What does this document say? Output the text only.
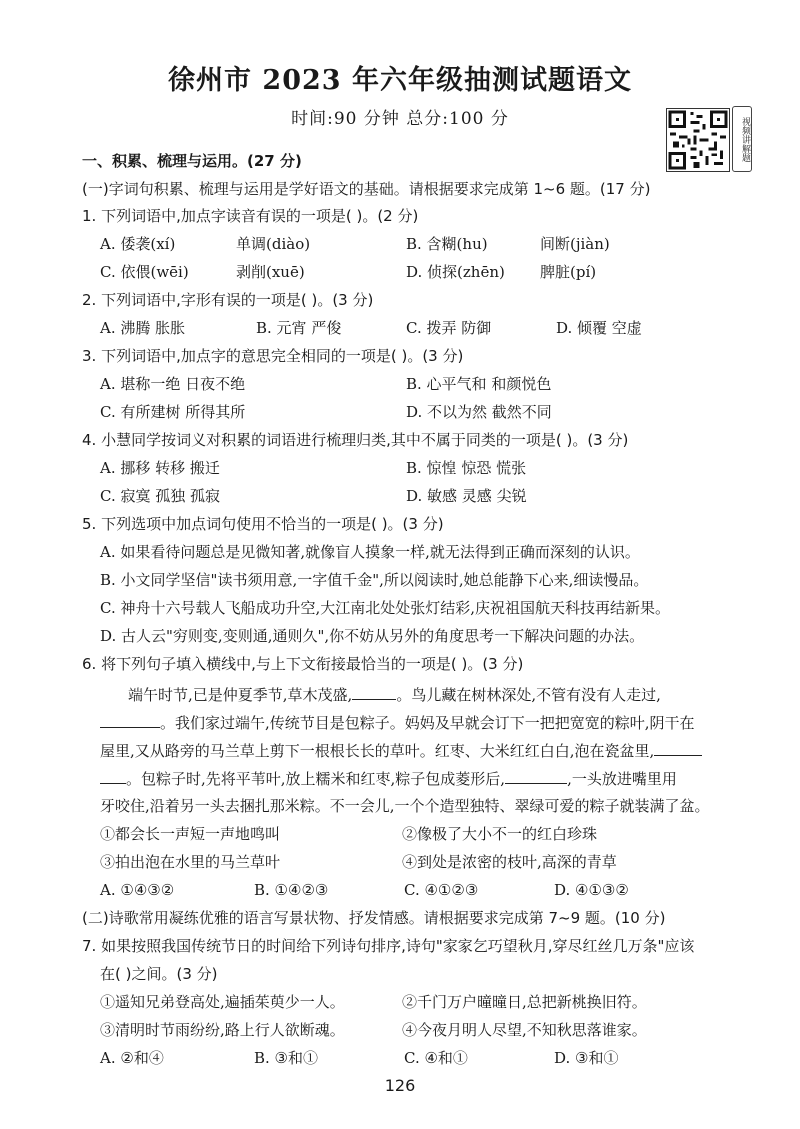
徐州市 2023 年六年级抽测试题语文
时间:90 分钟 总分:100 分	视频讲解题
一、积累、梳理与运用。(27 分)
(一)字词句积累、梳理与运用是学好语文的基础。请根据要求完成第 1~6 题。(17 分)
1. 下列词语中,加点字读音有误的一项是( )。(2 分)
A. 倭袭(xí)	单调(diào)	B. 含糊(hu)	间断(jiàn)
C. 依偎(wēi)	剥削(xuē)	D. 侦探(zhēn) 脾脏(pí)
2. 下列词语中,字形有误的一项是( )。(3 分)
A. 沸腾 胀胀	B. 元宵 严俊	C. 拨弄 防御	D. 倾覆 空虚
3. 下列词语中,加点字的意思完全相同的一项是( )。(3 分)
A. 堪称一绝 日夜不绝	B. 心平气和 和颜悦色
C. 有所建树 所得其所	D. 不以为然 截然不同
4. 小慧同学按词义对积累的词语进行梳理归类,其中不属于同类的一项是( )。(3 分)
A. 挪移 转移 搬迁	B. 惊惶 惊恐 慌张
C. 寂寞 孤独 孤寂	D. 敏感 灵感 尖锐
5. 下列选项中加点词句使用不恰当的一项是( )。(3 分)
A. 如果看待问题总是见微知著,就像盲人摸象一样,就无法得到正确而深刻的认识。
B. 小文同学坚信"读书须用意,一字值千金",所以阅读时,她总能静下心来,细读慢品。
C. 神舟十六号载人飞船成功升空,大江南北处处张灯结彩,庆祝祖国航天科技再结新果。
D. 古人云"穷则变,变则通,通则久",你不妨从另外的角度思考一下解决问题的办法。
6. 将下列句子填入横线中,与上下文衔接最恰当的一项是( )。(3 分)
端午时节,已是仲夏季节,草木茂盛,	。鸟儿藏在树林深处,不管有没有人走过,
。我们家过端午,传统节目是包粽子。妈妈及早就会订下一把把宽宽的粽叶,阴干在
屋里,又从路旁的马兰草上剪下一根根长长的草叶。红枣、大米红红白白,泡在瓷盆里,
。包粽子时,先将平苇叶,放上糯米和红枣,粽子包成菱形后,	,一头放进嘴里用
牙咬住,沿着另一头去捆扎那米粽。不一会儿,一个个造型独特、翠绿可爱的粽子就装满了盆。
①都会长一声短一声地鸣叫	②像极了大小不一的红白珍珠
③拍出泡在水里的马兰草叶	④到处是浓密的枝叶,高深的青草
A. ①④③②	B. ①④②③	C. ④①②③	D. ④①③②
(二)诗歌常用凝练优雅的语言写景状物、抒发情感。请根据要求完成第 7~9 题。(10 分)
7. 如果按照我国传统节日的时间给下列诗句排序,诗句"家家乞巧望秋月,穿尽红丝几万条"应该
在( )之间。(3 分)
①遥知兄弟登高处,遍插茱萸少一人。	②千门万户曈曈日,总把新桃换旧符。
③清明时节雨纷纷,路上行人欲断魂。	④今夜月明人尽望,不知秋思落谁家。
A. ②和④	B. ③和①	C. ④和①	D. ③和①
126
